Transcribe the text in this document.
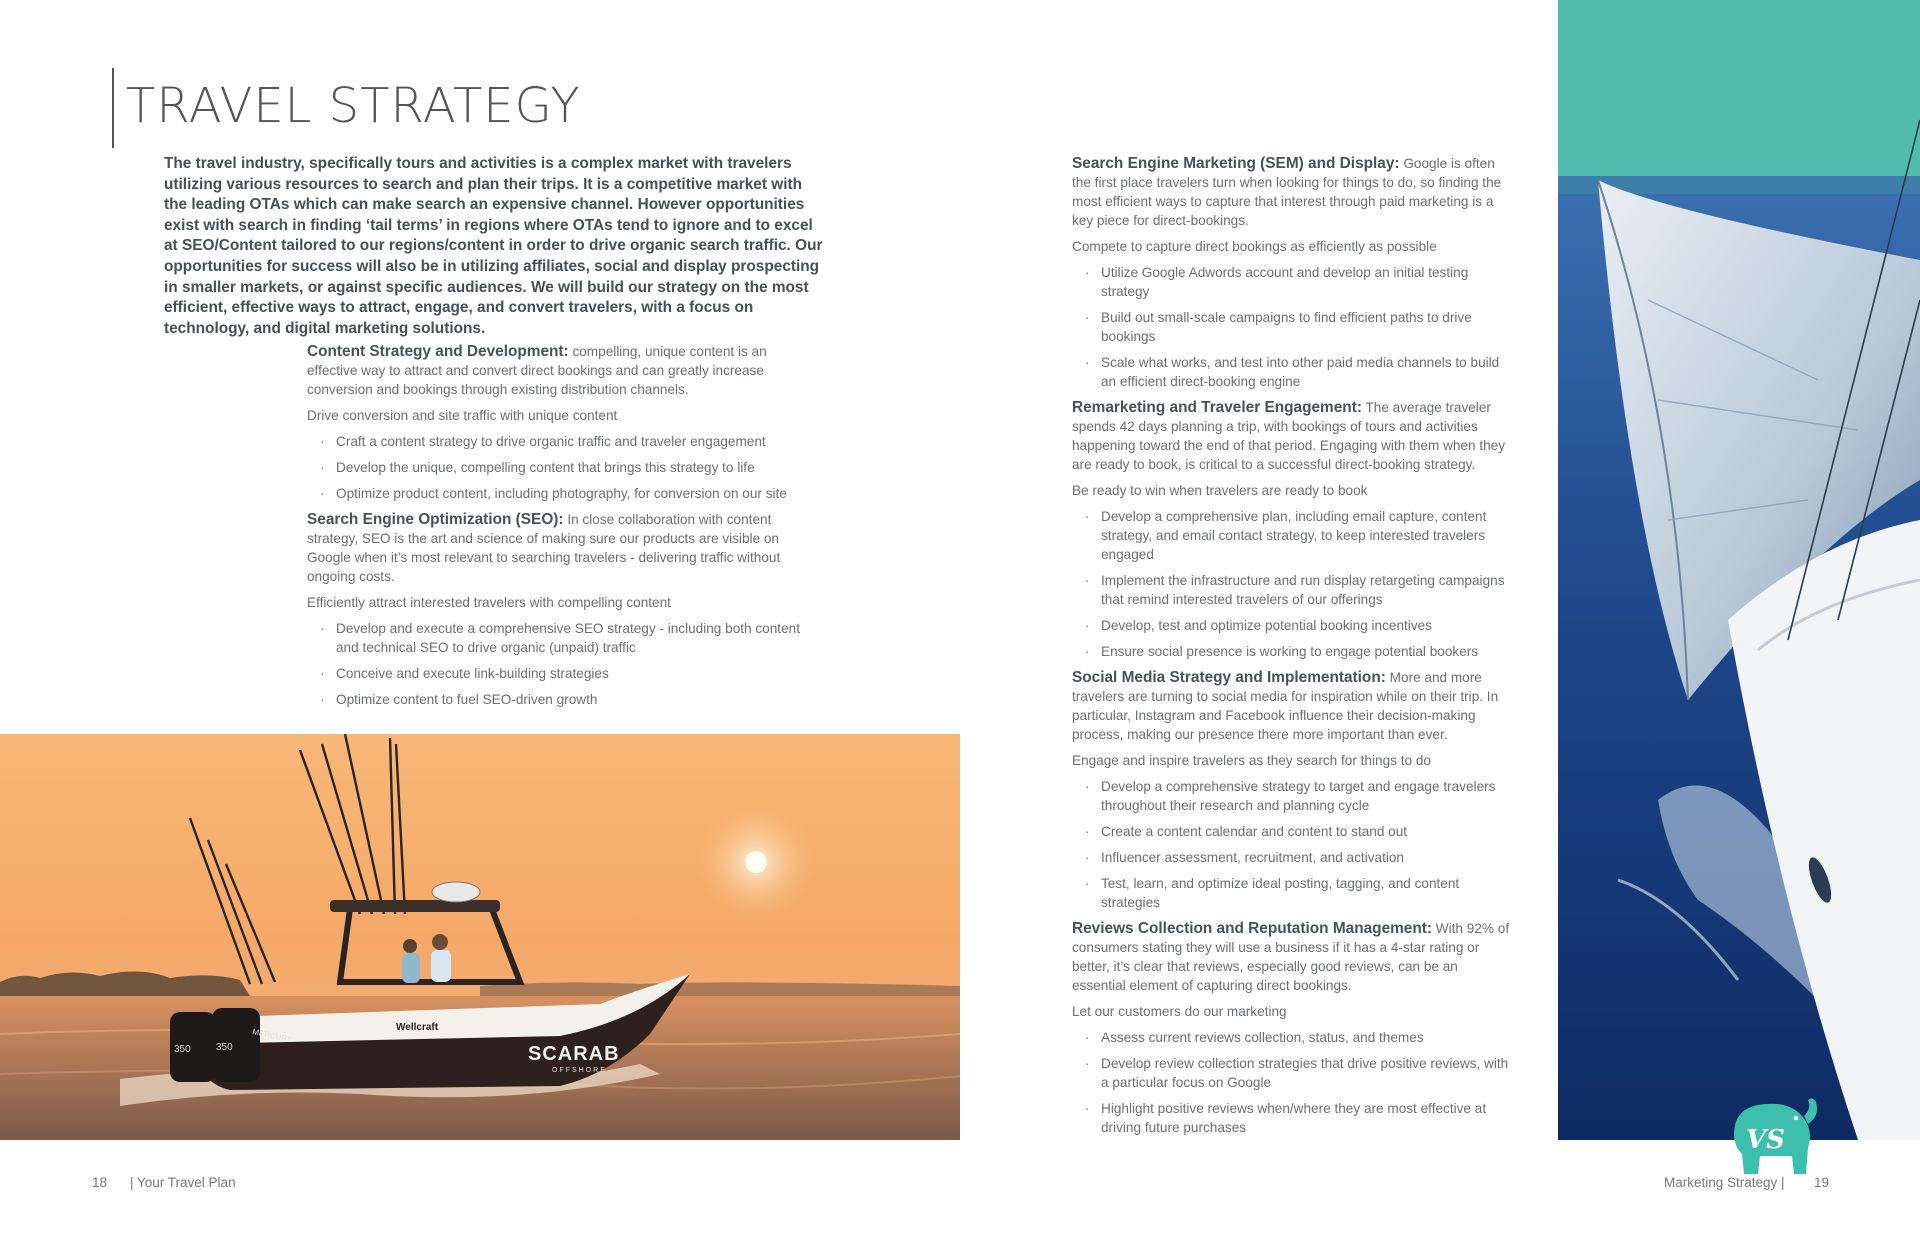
TRAVEL STRATEGY

The travel industry, specifically tours and activities is a complex market with travelers utilizing various resources to search and plan their trips. It is a competitive market with the leading OTAs which can make search an expensive channel. However opportunities exist with search in finding ‘tail terms’ in regions where OTAs tend to ignore and to excel at SEO/Content tailored to our regions/content in order to drive organic search traffic. Our opportunities for success will also be in utilizing affiliates, social and display prospecting in smaller markets, or against specific audiences. We will build our strategy on the most efficient, effective ways to attract, engage, and convert travelers, with a focus on technology, and digital marketing solutions.

Content Strategy and Development: compelling, unique content is an effective way to attract and convert direct bookings and can greatly increase conversion and bookings through existing distribution channels.

Drive conversion and site traffic with unique content

· Craft a content strategy to drive organic traffic and traveler engagement
· Develop the unique, compelling content that brings this strategy to life
· Optimize product content, including photography, for conversion on our site

Search Engine Optimization (SEO): In close collaboration with content strategy, SEO is the art and science of making sure our products are visible on Google when it’s most relevant to searching travelers - delivering traffic without ongoing costs.

Efficiently attract interested travelers with compelling content

· Develop and execute a comprehensive SEO strategy - including both content and technical SEO to drive organic (unpaid) traffic
· Conceive and execute link-building strategies
· Optimize content to fuel SEO-driven growth

Search Engine Marketing (SEM) and Display: Google is often the first place travelers turn when looking for things to do, so finding the most efficient ways to capture that interest through paid marketing is a key piece for direct-bookings.

Compete to capture direct bookings as efficiently as possible

· Utilize Google Adwords account and develop an initial testing strategy
· Build out small-scale campaigns to find efficient paths to drive bookings
· Scale what works, and test into other paid media channels to build an efficient direct-booking engine

Remarketing and Traveler Engagement: The average traveler spends 42 days planning a trip, with bookings of tours and activities happening toward the end of that period. Engaging with them when they are ready to book, is critical to a successful direct-booking strategy.

Be ready to win when travelers are ready to book

· Develop a comprehensive plan, including email capture, content strategy, and email contact strategy, to keep interested travelers engaged
· Implement the infrastructure and run display retargeting campaigns that remind interested travelers of our offerings
· Develop, test and optimize potential booking incentives
· Ensure social presence is working to engage potential bookers

Social Media Strategy and Implementation: More and more travelers are turning to social media for inspiration while on their trip. In particular, Instagram and Facebook influence their decision-making process, making our presence there more important than ever.

Engage and inspire travelers as they search for things to do

· Develop a comprehensive strategy to target and engage travelers throughout their research and planning cycle
· Create a content calendar and content to stand out
· Influencer assessment, recruitment, and activation
· Test, learn, and optimize ideal posting, tagging, and content strategies

Reviews Collection and Reputation Management: With 92% of consumers stating they will use a business if it has a 4-star rating or better, it’s clear that reviews, especially good reviews, can be an essential element of capturing direct bookings.

Let our customers do our marketing

· Assess current reviews collection, status, and themes
· Develop review collection strategies that drive positive reviews, with a particular focus on Google
· Highlight positive reviews when/where they are most effective at driving future purchases
350	350
MERCURY	Wellcraft
SCARAB
OFFSHORE
VS
18 | Your Travel Plan	Marketing Strategy | 19
